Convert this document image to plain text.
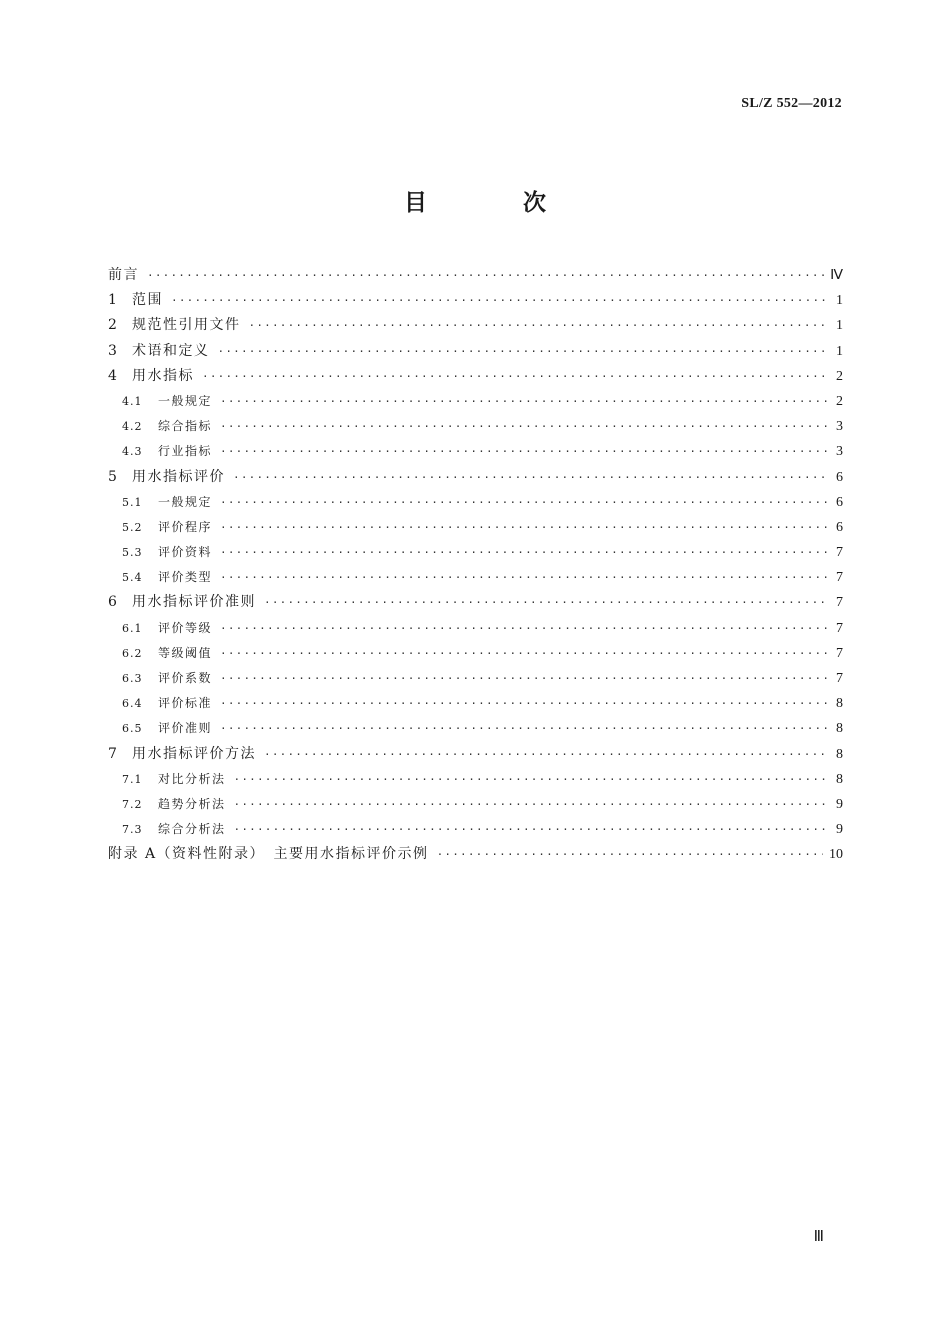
SL/Z 552—2012
目 次
前言 ·····	Ⅳ
1	范围 ·····	1
2	规范性引用文件 ·····	1
3	术语和定义 ·····	1
4	用水指标 ·····	2
4.1	一般规定 ·····	2
4.2	综合指标 ·····	3
4.3	行业指标 ·····	3
5	用水指标评价 ·····	6
5.1	一般规定 ·····	6
5.2	评价程序 ·····	6
5.3	评价资料 ·····	7
5.4	评价类型 ·····	7
6	用水指标评价准则 ·····	7
6.1	评价等级 ·····	7
6.2	等级阈值 ·····	7
6.3	评价系数 ·····	7
6.4	评价标准 ·····	8
6.5	评价准则 ·····	8
7	用水指标评价方法 ·····	8
7.1	对比分析法 ·····	8
7.2	趋势分析法 ·····	9
7.3	综合分析法 ·····	9
附录 A（资料性附录）　主要用水指标评价示例 ·····	10
Ⅲ
